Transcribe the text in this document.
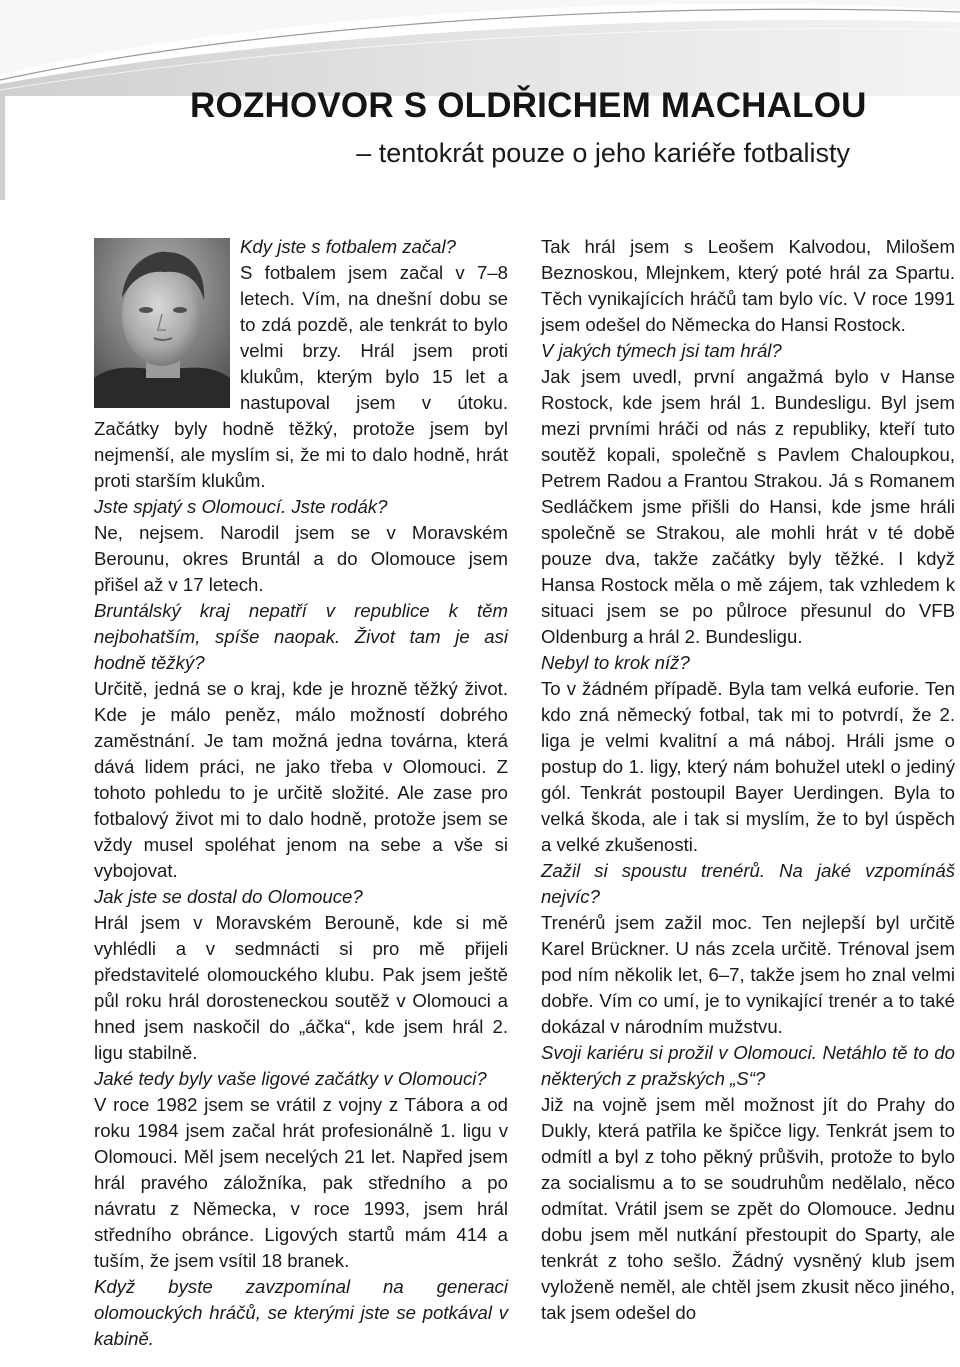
ROZHOVOR S OLDŘICHEM MACHALOU
– tentokrát pouze o jeho kariéře fotbalisty

Kdy jste s fotbalem začal?

S fotbalem jsem začal v 7–8 letech. Vím, na dnešní dobu se to zdá pozdě, ale tenkrát to bylo velmi brzy. Hrál jsem proti klukům, kterým bylo 15 let a nastupoval jsem v útoku. Začátky byly hodně těžký, protože jsem byl nejmenší, ale myslím si, že mi to dalo hodně, hrát proti starším klukům.

Jste spjatý s Olomoucí. Jste rodák?

Ne, nejsem. Narodil jsem se v Moravském Berounu, okres Bruntál a do Olomouce jsem přišel až v 17 letech.

Bruntálský kraj nepatří v republice k těm nejbohatším, spíše naopak. Život tam je asi hodně těžký?

Určitě, jedná se o kraj, kde je hrozně těžký život. Kde je málo peněz, málo možností dobrého zaměstnání. Je tam možná jedna továrna, která dává lidem práci, ne jako třeba v Olomouci. Z tohoto pohledu to je určitě složité. Ale zase pro fotbalový život mi to dalo hodně, protože jsem se vždy musel spoléhat jenom na sebe a vše si vybojovat.

Jak jste se dostal do Olomouce?

Hrál jsem v Moravském Berouně, kde si mě vyhlédli a v sedmnácti si pro mě přijeli představitelé olomouckého klubu. Pak jsem ještě půl roku hrál dorosteneckou soutěž v Olomouci a hned jsem naskočil do „áčka“, kde jsem hrál 2. ligu stabilně.

Jaké tedy byly vaše ligové začátky v Olomouci?

V roce 1982 jsem se vrátil z vojny z Tábora a od roku 1984 jsem začal hrát profesionálně 1. ligu v Olomouci. Měl jsem necelých 21 let. Napřed jsem hrál pravého záložníka, pak středního a po návratu z Německa, v roce 1993, jsem hrál středního obránce. Ligových startů mám 414 a tuším, že jsem vsítil 18 branek.

Když byste zavzpomínal na generaci olomouckých hráčů, se kterými jste se potkával v kabině.

Tak hrál jsem s Leošem Kalvodou, Milošem Beznoskou, Mlejnkem, který poté hrál za Spartu. Těch vynikajících hráčů tam bylo víc. V roce 1991 jsem odešel do Německa do Hansi Rostock.

V jakých týmech jsi tam hrál?

Jak jsem uvedl, první angažmá bylo v Hanse Rostock, kde jsem hrál 1. Bundesligu. Byl jsem mezi prvními hráči od nás z republiky, kteří tuto soutěž kopali, společně s Pavlem Chaloupkou, Petrem Radou a Frantou Strakou. Já s Romanem Sedláčkem jsme přišli do Hansi, kde jsme hráli společně se Strakou, ale mohli hrát v té době pouze dva, takže začátky byly těžké. I když Hansa Rostock měla o mě zájem, tak vzhledem k situaci jsem se po půlroce přesunul do VFB Oldenburg a hrál 2. Bundesligu.

Nebyl to krok níž?

To v žádném případě. Byla tam velká euforie. Ten kdo zná německý fotbal, tak mi to potvrdí, že 2. liga je velmi kvalitní a má náboj. Hráli jsme o postup do 1. ligy, který nám bohužel utekl o jediný gól. Tenkrát postoupil Bayer Uerdingen. Byla to velká škoda, ale i tak si myslím, že to byl úspěch a velké zkušenosti.

Zažil si spoustu trenérů. Na jaké vzpomínáš nejvíc?

Trenérů jsem zažil moc. Ten nejlepší byl určitě Karel Brückner. U nás zcela určitě. Trénoval jsem pod ním několik let, 6–7, takže jsem ho znal velmi dobře. Vím co umí, je to vynikající trenér a to také dokázal v národním mužstvu.

Svoji kariéru si prožil v Olomouci. Netáhlo tě to do některých z pražských „S“?

Již na vojně jsem měl možnost jít do Prahy do Dukly, která patřila ke špičce ligy. Tenkrát jsem to odmítl a byl z toho pěkný průšvih, protože to bylo za socialismu a to se soudruhům nedělalo, něco odmítat. Vrátil jsem se zpět do Olomouce. Jednu dobu jsem měl nutkání přestoupit do Sparty, ale tenkrát z toho sešlo. Žádný vysněný klub jsem vyloženě neměl, ale chtěl jsem zkusit něco jiného, tak jsem odešel do
